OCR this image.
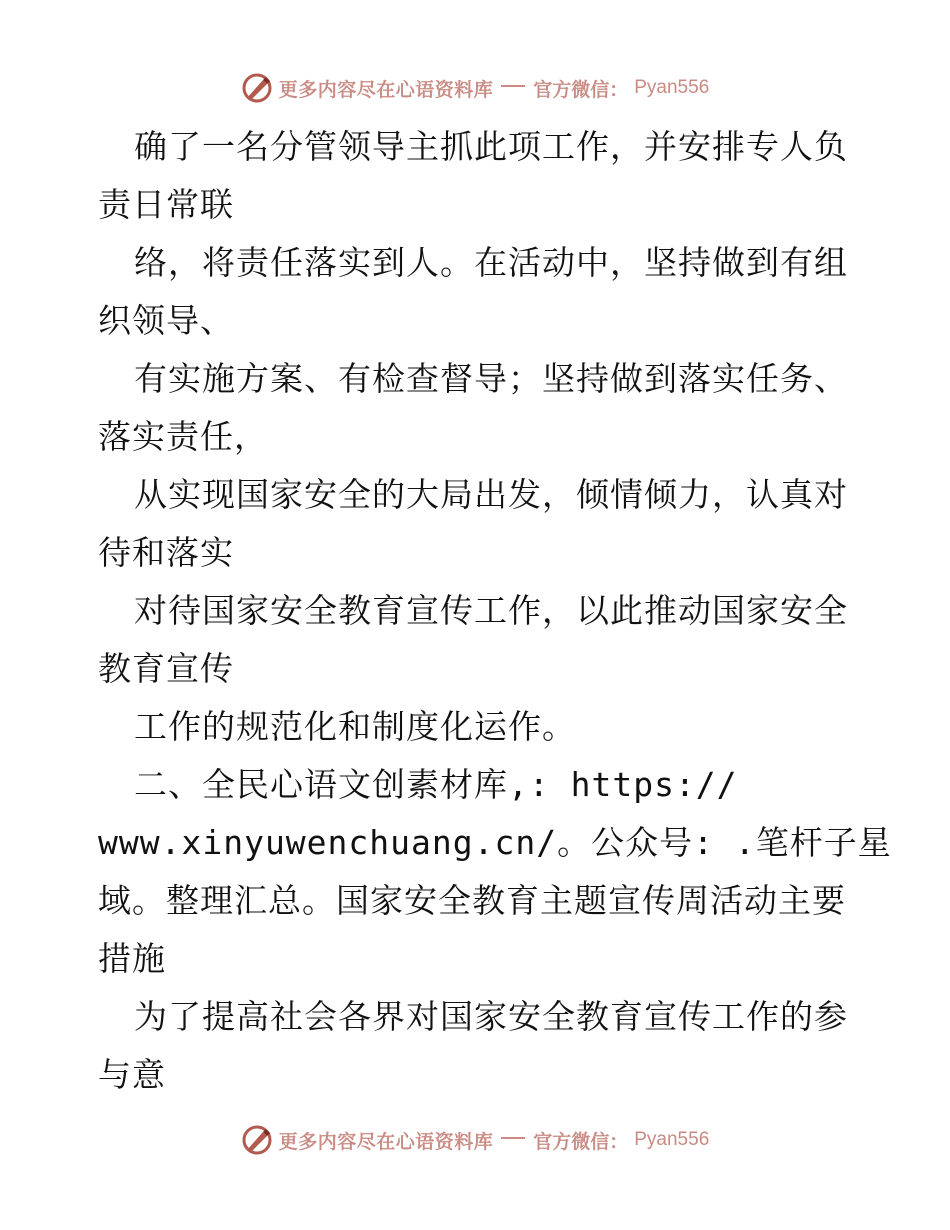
更多内容尽在心语资料库 官方微信： Pyan556
确了一名分管领导主抓此项工作，并安排专人负
责日常联
络，将责任落实到人。在活动中，坚持做到有组
织领导、
有实施方案、有检查督导；坚持做到落实任务、
落实责任，
从实现国家安全的大局出发，倾情倾力，认真对
待和落实
对待国家安全教育宣传工作，以此推动国家安全
教育宣传
工作的规范化和制度化运作。
二、全民心语文创素材库,: https://
www.xinyuwenchuang.cn/。公众号: .笔杆子星
域。整理汇总。国家安全教育主题宣传周活动主要
措施
为了提高社会各界对国家安全教育宣传工作的参
与意
更多内容尽在心语资料库 官方微信： Pyan556
